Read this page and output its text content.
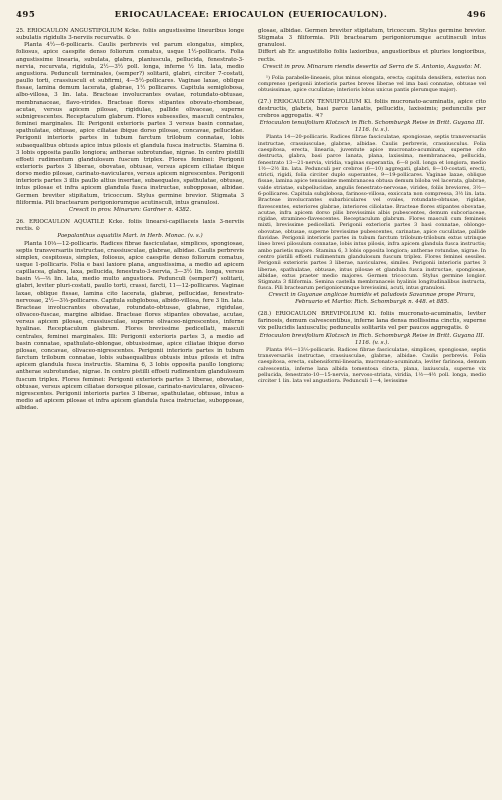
495	ERIOCAULACEAE: ERIOCAULON (EUERIOCAULON).	496

25. ERIOCAULON ANGUSTIFOLIUM Kcke. foliis angustissime lineuribus longe subulatis rigidulis 3-nerviis recurvatis. ⊙

Planta 4½—6-pollicaris. Caulis perbrevis vel parum elongatus, simplex, foliosus, apice caespite denso foliorum comatus, usque 1½-pollicaris. Folia angustissime linearia, subulata, glabra, planiuscula, pellucida, fenestrato-3-nervia, recurvata, rigidula, 2½—3½ poll. longa, inferne ½ lin. lata, medio angustiora. Pedunculi terminales, (semper?) solitarii, glabri, circiter 7-costati, paullo torti, crassiusculi et subfirmi, 4—5½-pollicares. Vaginae laxae, oblique fissae, lamina demum lacerata, glabrae, 1½ pollicares. Capitula semiglobosa, albo-villosa, 3 lin. lata. Bracteae involucrantes ovatae, rotundato-obtusae, membranaceae, flavo-virides. Bracteae flores stipantes obovato-rhombeae, acutae, versus apicem pilosae, rigidulae, pallide olivaceae, superne subnigrescentes. Receptaculum glabrum. Flores subsessiles, masculi centrales, feminei marginales. Ili: Perigonii exterioris partes 3 versus basin connatae, spathulatae, obtusae, apice ciliatae ibique dorso pilosae, concavae, pellucidae. Perigonii interioris partes in tubum farctum trilobum connatae, lobis subaequalibus obtusis apice intus pilosis et glandula fusca instructis. Stamina 6. 3 lobis opposita paullo longiora; antherae subrotundae, nigrae. In centro pistilli effoeti rudimentum glandulosum fuscum triplex. Flores feminei: Perigonii exterioris partes 3 liberae, obovatae, obtusae, versus apicem ciliatae ibique dorso medio pilosae, carinato-naviculares, versus apicem nigrescentes. Perigonii interioris partes 3 illis paullo altius insertae, subaequales, spathulatae, obtusae, intus pilosae et infra apicem glandula fusca instructae, subopposae, albidae. Germen breviter stipitatum, tricoccum. Stylus germine brevior. Stigmata 3 filiformia. Pili bractearum perigoniorumque acutinsculi, intus granulosi.

Crescit in prov. Minarum: Gardner n. 4382.

26. ERIOCAULON AQUATILE Kcke. foliis linearsi-capillaceis laxis 3-nerviis rectis. ⊙

Paepalanthus aquatilis Mart. in Herb. Monac. (v. s.)

Planta 10⅓—12-pollicaris. Radices fibrae fasciculatae, simplices, spongiosae, septis transversariis instructae, crassiusculae, glabrae, albidae. Caulis perbrevis simplex, cespitosus, simplex, foliosus, apice caespite denso foliorum comatus, usque 1-pollicaris. Folia e basi laxiore plana, angustissima, a medio ad apicem capillacea, glabra, laxa, pellucida, fenestrato-3-nervia, 3—3½ lin. longa, versus basin ⅓—⅔ lin. lata, medio multo angustiora. Pedunculi (semper?) solitarii, glabri, leviter pluri-costati, paullo torti, crassi, farcti, 11—12-pollicares. Vaginae laxae, oblique fissae, lamina cito lacerata, glabrae, pellucidae, fenestrato-nervosae, 2½—3⅓-pollicares. Capitula subglobosa, albido-villosa, fere 3 lin. lata. Bracteae involucrantes obovatae, rotundato-obtusae, glabrae, rigidulae, olivaceo-fuscae, margine albidae. Bracteae flores stipantes obovatae, acutae, versus apicem pilosae, crassiusculae, superne olivaceo-nigrescentes, inferne hyalinae. Receptaculum glabrum. Flores brevissime pedicellati, masculi centrales, feminei marginales. Illi: Perigonii exterioris partes 3, a medio ad basin connatae, spathulato-oblongae, obtusissimae, apice ciliatae ibique dorso pilosae, concavae, olivaceo-nigrescentes. Perigonii interioris partes in tubum farctum trilobum connatae, lobis subaequalibus obtusis intus pilosis et infra apicem glandula fusca instructis. Stamina 6, 3 lobis opposita paullo longiora; antherae subrotundae, nigrae. In centro pistilli effoeti rudimentum glandulosum fuscum triplex. Flores feminei: Perigonii exterioris partes 3 liberae, obovatae, obtusae, versus apicem ciliatae dorsoque pilosae, carinato-naviculares, olivaceo-nigrescentes. Perigonii interioris partes 3 liberae, spathulatae, obtusae, intus a medio ad apicem pilosae et infra apicem glandula fusca instructae, subopposae, albidae.

glosae, albidae. Germen breviter stipitatum, tricoccum. Stylus germine brevior. Stigmata 3 filiformia. Pili bractearum perigoniorumque acutinsculi intus granulosi.

Differt ab Er. angustifolio foliis laxioribus, angustioribus et pluries longioribus, rectis.

Crescit in prov. Minarum riendis desertis ad Serra de S. Antonio, Augusto: M.

¹) Folia parabelle-lineaeis, plus minus elongata, erecta; capitula densifera, exterius non comprenso (perigonii interioris partes breves liberae vel ima basi connatae, obtusae vel obtusissimae, apice cucullatae; interioris lobus unicus pantis plerumque major).

(27.) ERIOCAULON TENUIFOLIUM Kl. foliis mucronato-acuminatis, apice cito destructis, glabris, basi parce lanatis, pellucidis, laxissimis; pedunculis per crebros aggregatis. ♃?

Eriocaulon tenuifolium Klotzsch in Rich. Schomburgk Reise in Britt. Guyana III. 1116. (v. s.).

Planta 14—20-pollicaris. Radices fibrae fasciculatae, spongiosae, septis transversariis instructae, crassiusculae, glabrae, albidae. Caulis perbrevis, crassiusculus. Folia caespitosa, erecta, linearia, juventute apice mucronato-acuminata, superne cito destructa, glabra, basi parce lanata, plana, laxissima, membranacea, pellucida, fenestrato 13—21-nervia, viridia, vaginas superantia, 6—8 poll. longa et longiora, medio 1½—2½ lin. lata. Pedunculi per crebros (6—10) aggregati, glabri, 8—10-costati, erecti, stricti, rigidi, folia circiter duplo superantes, 9—19-pollicares. Vaginae laxae, oblique fissae, lamina apice tenuissime membranacea obtusa demum biloba vel lacerata, glabrae, valde striatae, subpellucidae, angulis fenestrato-nervosae, virides, foliis breviores, 3½—6-pollicares. Capitula subglobosa, farinoso-villosa, exsiccata non compressa, 3½ lin. lata. Bracteae involucrantes subarbiculares vel ovales, rotundato-obtusae, rigidae, flavescentes, exteriores glabrae, interiores ciliolatae. Bracteae flores stipantes obovatae, acutae, infra apicem dorso pilis brevissimis albis pubescentes, demum subcoriaceae, rigidae, stramineo-flavescentes. Receptaculum glabrum. Flores masculi cum femineis mixti, brevissime pedicellati. Perigonii exterioris partes 3 basi connatae, oblongo-obovatae, obtusae, superne brevissime pubescentes, carinatae, apice cucullatae, pallide flavidae. Perigonii interioris partes in tubum farctum trilobum-trilobum extus utrinque lineo brevi pilosulum connatae, lobis intus pilosis, infra apicem glandula fusca instructis; ambo parietis majore. Stamina 6, 3 lobis opposita longiora; antherae rotundae, nigrae. In centro pistilli effoeti rudimentum glandulosum fuscum triplex. Flores feminei sessiles. Perigonii exterioris partes 3 liberae, naviculares, similes. Perigonii interioris partes 3 liberae, spathulatae, obtusae, intus pilosae et glandula fusca instructae, spongiosae, albidae, extus praeter medio majores. Germen tricoccum. Stylus germine longior. Stigmata 3 filiformia. Semina castella membranaceis hyalinis longitudinalibus instructa, fusca. Pili bractearum perigoniorumque brevissimi, acuti, intus granulosi.

Crescit in Guyanae anglicae humidis et paludosis Savannae prope Pirara, Februario et Martio: Rich. Schomburgk n. 448. et 885.

(28.) ERIOCAULON BREVIFOLIUM Kl. foliis mucronato-acuminatis, leviter farinosis, demum calvescentibus, inferne lana densa mollissima cinctis, superne vix pellucidis laxiusculis; pedunculis solitariis vel per paucos aggregatis. ⊙

Eriocaulon brevifolium Klotzsch in Rich. Schomburgk Reise in Britt. Guyana III. 1116. (v. s.).

Planta 9½—13⅓-pollicaris. Radices fibrae fasciculatae, simplices, spongiosae, septis transversariis instructae, crassiusculae, glabrae, albidae. Caulis perbrevis. Folia caespitosa, erecta, subensiformi-linearia, mucronato-acuminata, leviter farinosa, demum calvescentia, inferne lana albida tomentosa cincta, plana, laxiuscula, superne vix pellucida, fenestrato-10—15-nervia, nervoso-striata, viridia, 1½—4½ poll. longa, medio circiter 1 lin. lata vel angustiora. Pedunculi 1—4, levissime
